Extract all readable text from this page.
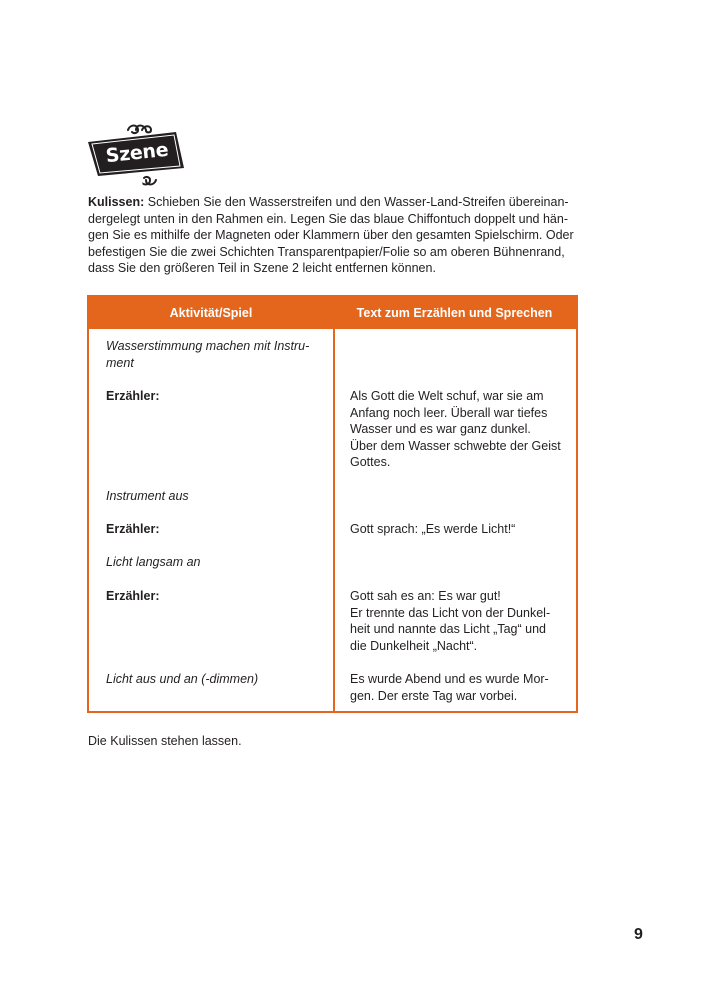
Szene 1
Kulissen: Schieben Sie den Wasserstreifen und den Wasser-Land-Streifen übereinan-
dergelegt unten in den Rahmen ein. Legen Sie das blaue Chiffontuch doppelt und hän-
gen Sie es mithilfe der Magneten oder Klammern über den gesamten Spielschirm. Oder
befestigen Sie die zwei Schichten Transparentpapier/Folie so am oberen Bühnenrand,
dass Sie den größeren Teil in Szene 2 leicht entfernen können.
Aktivität/Spiel	Text zum Erzählen und Sprechen
Wasserstimmung machen mit Instru-
ment
Erzähler:	Als Gott die Welt schuf, war sie am
Anfang noch leer. Überall war tiefes
Wasser und es war ganz dunkel.
Über dem Wasser schwebte der Geist
Gottes.
Instrument aus
Erzähler:	Gott sprach: „Es werde Licht!“
Licht langsam an
Erzähler:	Gott sah es an: Es war gut!
Er trennte das Licht von der Dunkel-
heit und nannte das Licht „Tag“ und
die Dunkelheit „Nacht“.
Licht aus und an (-dimmen)	Es wurde Abend und es wurde Mor-
gen. Der erste Tag war vorbei.
Die Kulissen stehen lassen.
9
